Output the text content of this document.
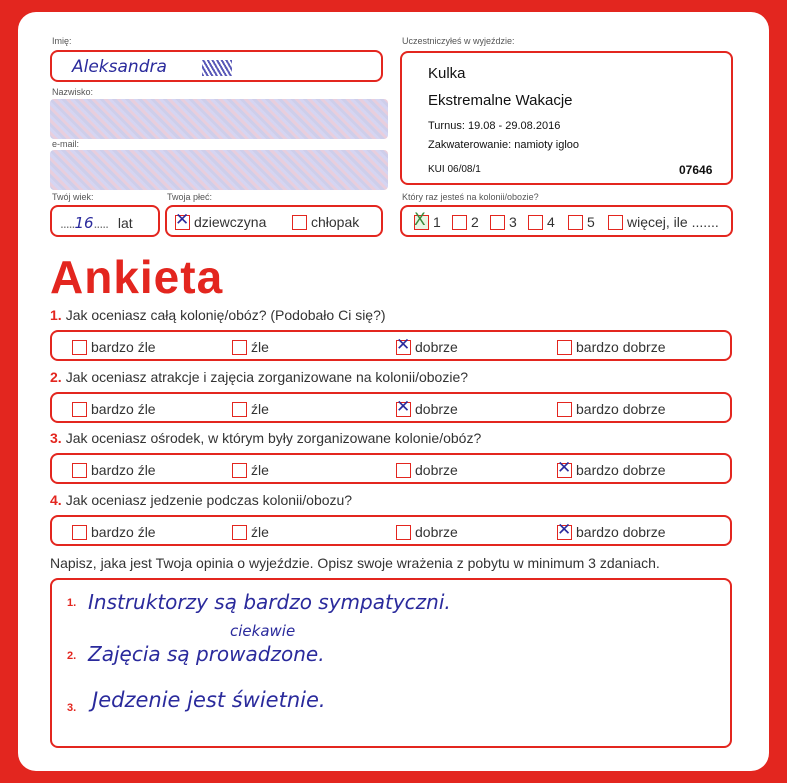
Imię:
Aleksandra
Nazwisko:
e-mail:
Twój wiek:
.....16..... lat
Twoja płeć:
✕ dziewczyna	chłopak
Uczestniczyłeś w wyjeździe:
Kulka
Ekstremalne Wakacje
Turnus: 19.08 - 29.08.2016
Zakwaterowanie: namioty igloo
KUI 06/08/1	07646
Który raz jesteś na kolonii/obozie?
X 1	2	3	4	5	więcej, ile .......
Ankieta
1. Jak oceniasz całą kolonię/obóz? (Podobało Ci się?)
bardzo źle	źle	✕ dobrze	bardzo dobrze
2. Jak oceniasz atrakcje i zajęcia zorganizowane na kolonii/obozie?
bardzo źle	źle	✕ dobrze	bardzo dobrze
3. Jak oceniasz ośrodek, w którym były zorganizowane kolonie/obóz?
bardzo źle	źle	dobrze	✕ bardzo dobrze
4. Jak oceniasz jedzenie podczas kolonii/obozu?
bardzo źle	źle	dobrze	✕ bardzo dobrze
Napisz, jaka jest Twoja opinia o wyjeździe. Opisz swoje wrażenia z pobytu w minimum 3 zdaniach.
1. Instruktorzy są bardzo sympatyczni.
ciekawie
2. Zajęcia są prowadzone.
3. Jedzenie jest świetnie.
